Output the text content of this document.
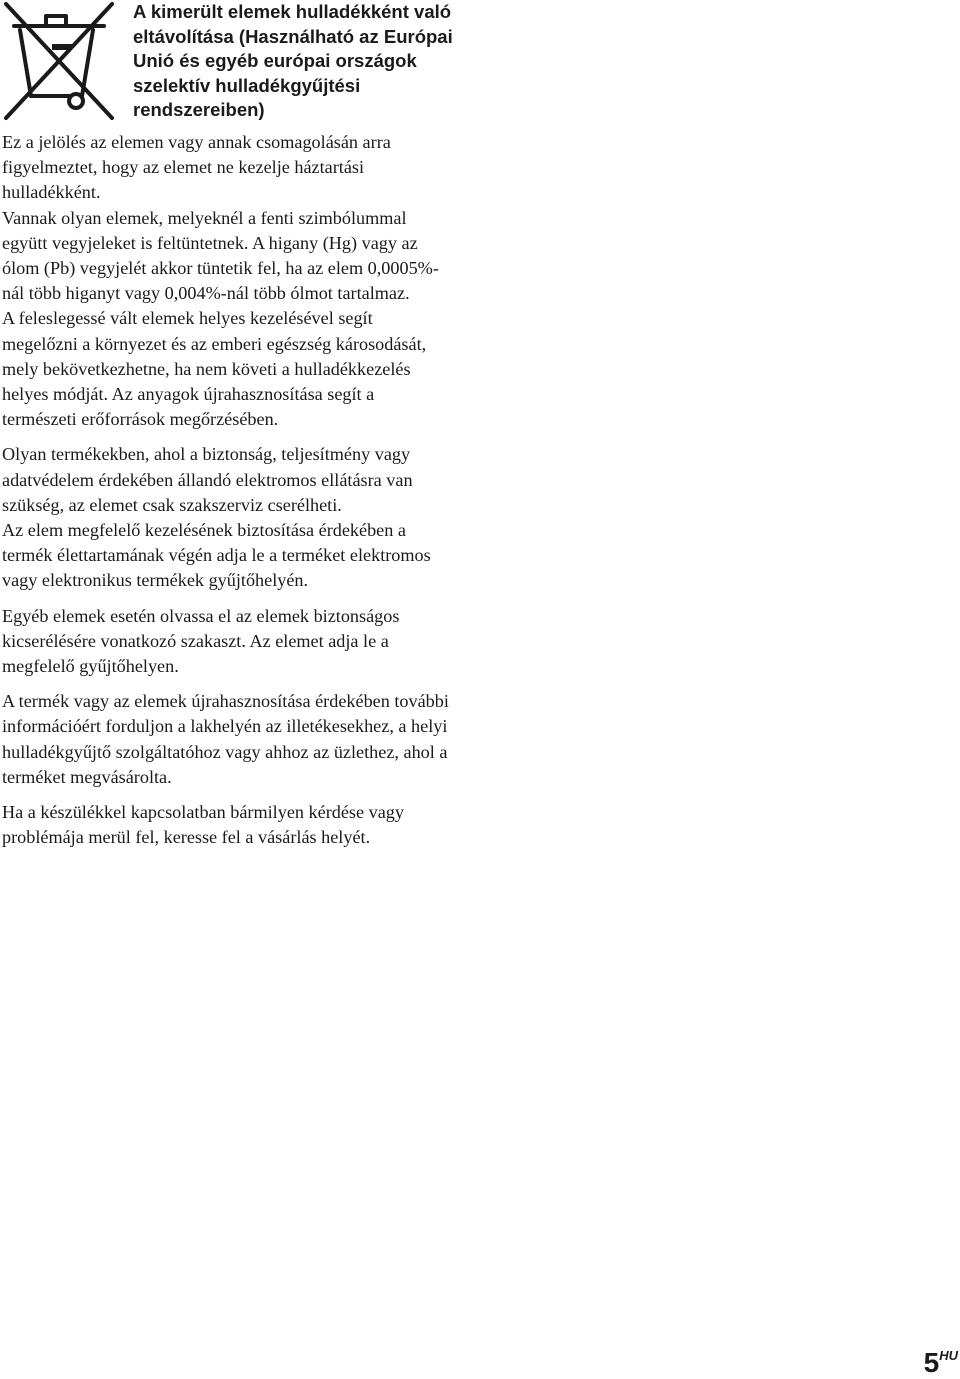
A kimerült elemek hulladékként való eltávolítása (Használható az Európai Unió és egyéb európai országok szelektív hulladékgyűjtési rendszereiben)

Ez a jelölés az elemen vagy annak csomagolásán arra figyelmeztet, hogy az elemet ne kezelje háztartási hulladékként.

Vannak olyan elemek, melyeknél a fenti szimbólummal együtt vegyjeleket is feltüntetnek. A higany (Hg) vagy az ólom (Pb) vegyjelét akkor tüntetik fel, ha az elem 0,0005%-nál több higanyt vagy 0,004%-nál több ólmot tartalmaz.

A feleslegessé vált elemek helyes kezelésével segít megelőzni a környezet és az emberi egészség károsodását, mely bekövetkezhetne, ha nem követi a hulladékkezelés helyes módját. Az anyagok újrahasznosítása segít a természeti erőforrások megőrzésében.

Olyan termékekben, ahol a biztonság, teljesítmény vagy adatvédelem érdekében állandó elektromos ellátásra van szükség, az elemet csak szakszerviz cserélheti.

Az elem megfelelő kezelésének biztosítása érdekében a termék élettartamának végén adja le a terméket elektromos vagy elektronikus termékek gyűjtőhelyén.

Egyéb elemek esetén olvassa el az elemek biztonságos kicserélésére vonatkozó szakaszt. Az elemet adja le a megfelelő gyűjtőhelyen.

A termék vagy az elemek újrahasznosítása érdekében további információért forduljon a lakhelyén az illetékesekhez, a helyi hulladékgyűjtő szolgáltatóhoz vagy ahhoz az üzlethez, ahol a terméket megvásárolta.

Ha a készülékkel kapcsolatban bármilyen kérdése vagy problémája merül fel, keresse fel a vásárlás helyét.

$5^{HU}$
